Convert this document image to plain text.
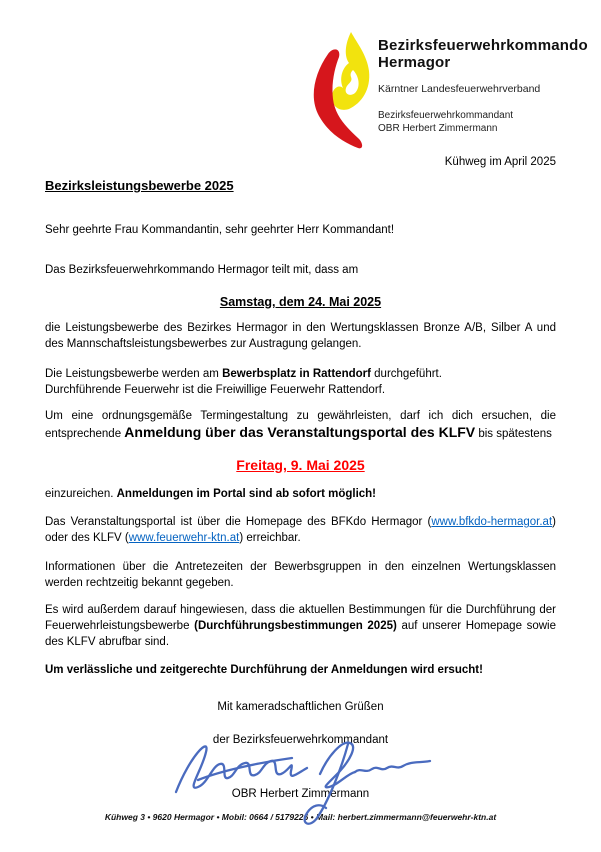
Bezirksfeuerwehrkommando
Hermagor
Kärntner Landesfeuerwehrverband
Bezirksfeuerwehrkommandant
OBR Herbert Zimmermann
Kühweg im April 2025
Bezirksleistungsbewerbe 2025

Sehr geehrte Frau Kommandantin, sehr geehrter Herr Kommandant!

Das Bezirksfeuerwehrkommando Hermagor teilt mit, dass am

Samstag, dem 24. Mai 2025

die Leistungsbewerbe des Bezirkes Hermagor in den Wertungsklassen Bronze A/B, Silber A und des Mannschaftsleistungsbewerbes zur Austragung gelangen.

Die Leistungsbewerbe werden am Bewerbsplatz in Rattendorf durchgeführt.
Durchführende Feuerwehr ist die Freiwillige Feuerwehr Rattendorf.

Um eine ordnungsgemäße Termingestaltung zu gewährleisten, darf ich dich ersuchen, die entsprechende Anmeldung über das Veranstaltungsportal des KLFV bis spätestens

Freitag, 9. Mai 2025

einzureichen. Anmeldungen im Portal sind ab sofort möglich!

Das Veranstaltungsportal ist über die Homepage des BFKdo Hermagor (www.bfkdo-hermagor.at) oder des KLFV (www.feuerwehr-ktn.at) erreichbar.

Informationen über die Antretezeiten der Bewerbsgruppen in den einzelnen Wertungsklassen werden rechtzeitig bekannt gegeben.

Es wird außerdem darauf hingewiesen, dass die aktuellen Bestimmungen für die Durchführung der Feuerwehrleistungsbewerbe (Durchführungsbestimmungen 2025) auf unserer Homepage sowie des KLFV abrufbar sind.

Um verlässliche und zeitgerechte Durchführung der Anmeldungen wird ersucht!

Mit kameradschaftlichen Grüßen

der Bezirksfeuerwehrkommandant

OBR Herbert Zimmermann

Kühweg 3 • 9620 Hermagor • Mobil: 0664 / 5179226 • Mail: herbert.zimmermann@feuerwehr-ktn.at
